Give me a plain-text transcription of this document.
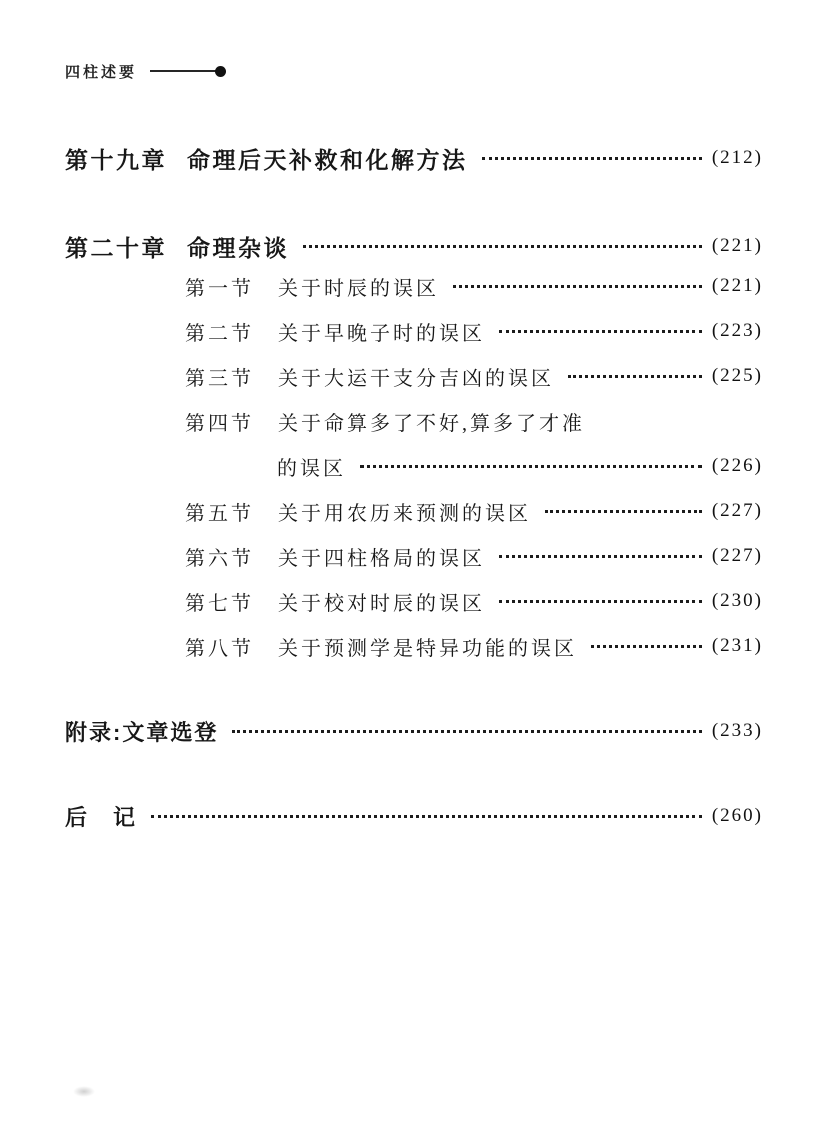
四柱述要
第十九章 命理后天补救和化解方法	(212)
第二十章 命理杂谈	(221)
第一节 关于时辰的误区	(221)
第二节 关于早晚子时的误区	(223)
第三节 关于大运干支分吉凶的误区	(225)
第四节 关于命算多了不好,算多了才准
的误区	(226)
第五节 关于用农历来预测的误区	(227)
第六节 关于四柱格局的误区	(227)
第七节 关于校对时辰的误区	(230)
第八节 关于预测学是特异功能的误区	(231)
附录:文章选登	(233)
后　记	(260)
